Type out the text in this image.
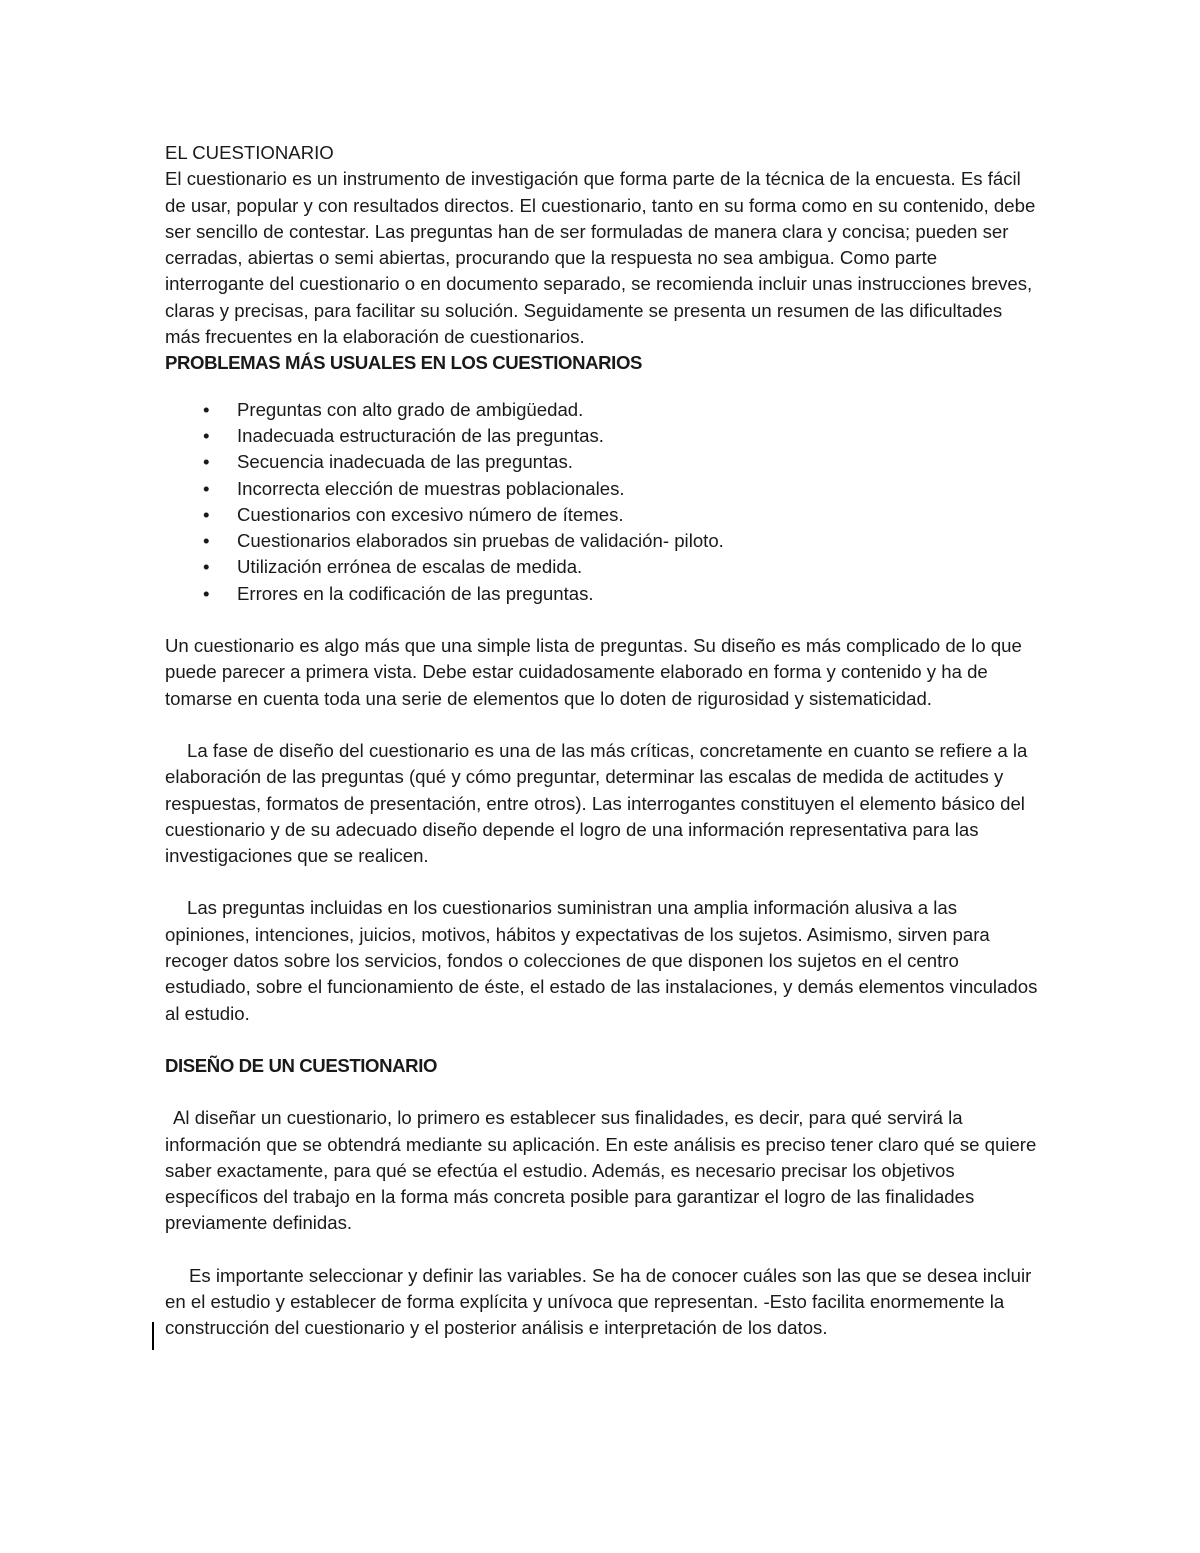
EL CUESTIONARIO

El cuestionario es un instrumento de investigación que forma parte de la técnica de la encuesta. Es fácil de usar, popular y con resultados directos. El cuestionario, tanto en su forma como en su contenido, debe ser sencillo de contestar. Las preguntas han de ser formuladas de manera clara y concisa; pueden ser cerradas, abiertas o semi abiertas, procurando que la respuesta no sea ambigua. Como parte interrogante del cuestionario o en documento separado, se recomienda incluir unas instrucciones breves, claras y precisas, para facilitar su solución. Seguidamente se presenta un resumen de las dificultades más frecuentes en la elaboración de cuestionarios.

PROBLEMAS MÁS USUALES EN LOS CUESTIONARIOS
• Preguntas con alto grado de ambigüedad.
• Inadecuada estructuración de las preguntas.
• Secuencia inadecuada de las preguntas.
• Incorrecta elección de muestras poblacionales.
• Cuestionarios con excesivo número de ítemes.
• Cuestionarios elaborados sin pruebas de validación- piloto.
• Utilización errónea de escalas de medida.
• Errores en la codificación de las preguntas.

Un cuestionario es algo más que una simple lista de preguntas. Su diseño es más complicado de lo que puede parecer a primera vista. Debe estar cuidadosamente elaborado en forma y contenido y ha de tomarse en cuenta toda una serie de elementos que lo doten de rigurosidad y sistematicidad.

La fase de diseño del cuestionario es una de las más críticas, concretamente en cuanto se refiere a la elaboración de las preguntas (qué y cómo preguntar, determinar las escalas de medida de actitudes y respuestas, formatos de presentación, entre otros). Las interrogantes constituyen el elemento básico del cuestionario y de su adecuado diseño depende el logro de una información representativa para las investigaciones que se realicen.

Las preguntas incluidas en los cuestionarios suministran una amplia información alusiva a las opiniones, intenciones, juicios, motivos, hábitos y expectativas de los sujetos. Asimismo, sirven para recoger datos sobre los servicios, fondos o colecciones de que disponen los sujetos en el centro estudiado, sobre el funcionamiento de éste, el estado de las instalaciones, y demás elementos vinculados al estudio.

DISEÑO DE UN CUESTIONARIO

Al diseñar un cuestionario, lo primero es establecer sus finalidades, es decir, para qué servirá la información que se obtendrá mediante su aplicación. En este análisis es preciso tener claro qué se quiere saber exactamente, para qué se efectúa el estudio. Además, es necesario precisar los objetivos específicos del trabajo en la forma más concreta posible para garantizar el logro de las finalidades previamente definidas.

Es importante seleccionar y definir las variables. Se ha de conocer cuáles son las que se desea incluir en el estudio y establecer de forma explícita y unívoca que representan. -Esto facilita enormemente la construcción del cuestionario y el posterior análisis e interpretación de los datos.
